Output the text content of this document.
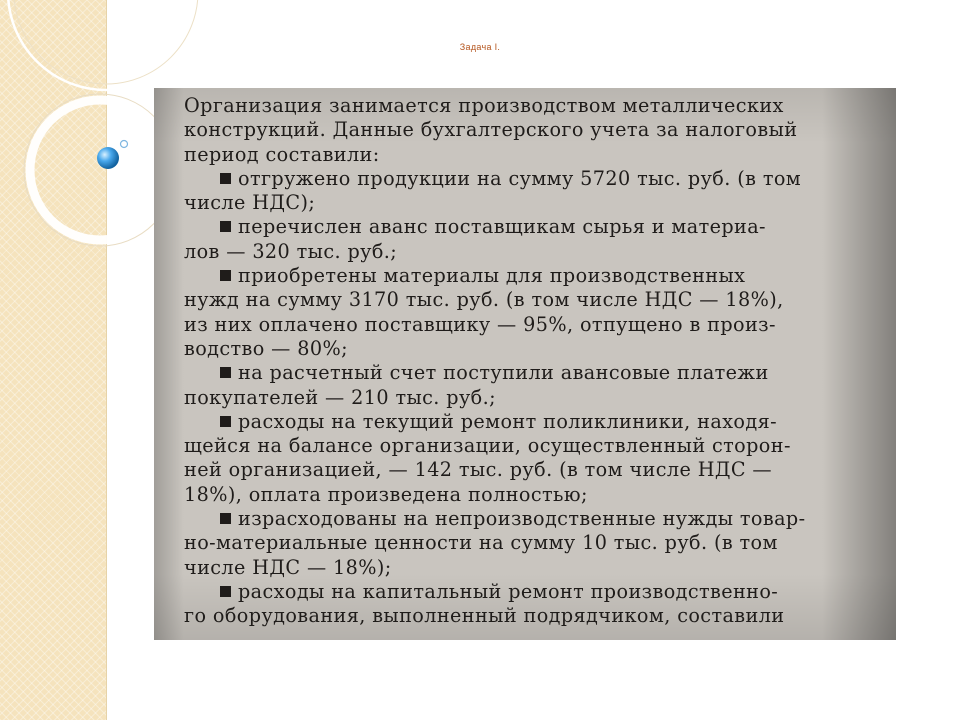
Задача I.
Организация занимается производством металлических
конструкций. Данные бухгалтерского учета за налоговый
период составили:
отгружено продукции на сумму 5720 тыс. руб. (в том
числе НДС);
перечислен аванс поставщикам сырья и материа-
лов — 320 тыс. руб.;
приобретены материалы для производственных
нужд на сумму 3170 тыс. руб. (в том числе НДС — 18%),
из них оплачено поставщику — 95%, отпущено в произ-
водство — 80%;
на расчетный счет поступили авансовые платежи
покупателей — 210 тыс. руб.;
расходы на текущий ремонт поликлиники, находя-
щейся на балансе организации, осуществленный сторон-
ней организацией, — 142 тыс. руб. (в том числе НДС —
18%), оплата произведена полностью;
израсходованы на непроизводственные нужды товар-
но-материальные ценности на сумму 10 тыс. руб. (в том
числе НДС — 18%);
расходы на капитальный ремонт производственно-
го оборудования, выполненный подрядчиком, составили
